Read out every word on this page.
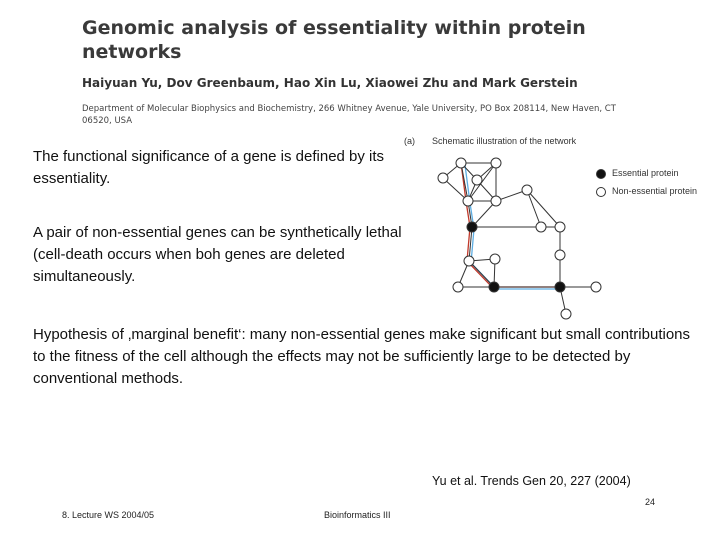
Genomic analysis of essentiality within protein networks
Haiyuan Yu, Dov Greenbaum, Hao Xin Lu, Xiaowei Zhu and Mark Gerstein
Department of Molecular Biophysics and Biochemistry, 266 Whitney Avenue, Yale University, PO Box 208114, New Haven, CT 06520, USA
The functional significance of a gene is defined by its essentiality.
A pair of non-essential genes can be synthetically lethal (cell-death occurs when boh genes are deleted simultaneously.
Hypothesis of ‚marginal benefit‘: many non-essential genes make significant but small contributions to the fitness of the cell although the effects may not be sufficiently large to be detected by conventional methods.
(a) Schematic illustration of the network
Essential protein
Non-essential protein
Yu et al. Trends Gen 20, 227 (2004)
24
8. Lecture WS 2004/05	Bioinformatics III
